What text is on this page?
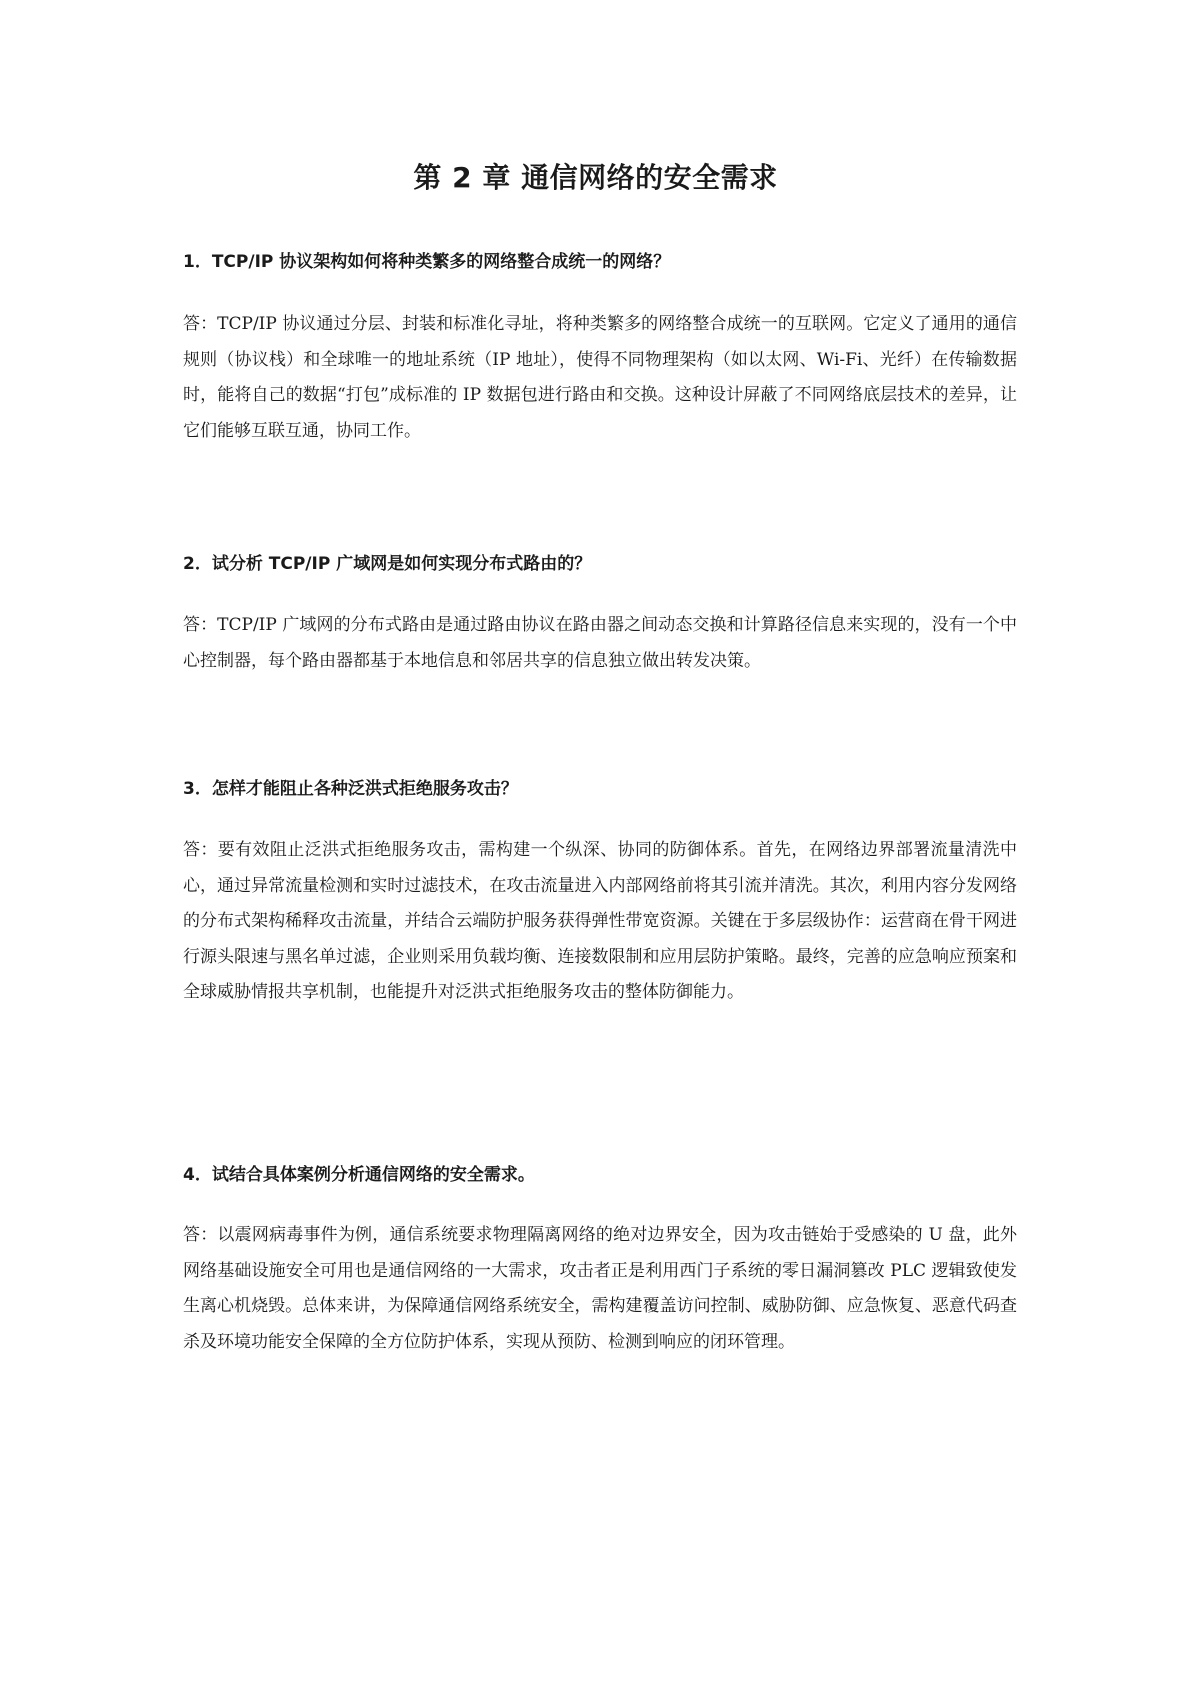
第 2 章 通信网络的安全需求

1．TCP/IP 协议架构如何将种类繁多的网络整合成统一的网络？

答：TCP/IP 协议通过分层、封装和标准化寻址，将种类繁多的网络整合成统一的互联网。它定义了通用的通信规则（协议栈）和全球唯一的地址系统（IP 地址），使得不同物理架构（如以太网、Wi-Fi、光纤）在传输数据时，能将自己的数据“打包”成标准的 IP 数据包进行路由和交换。这种设计屏蔽了不同网络底层技术的差异，让它们能够互联互通，协同工作。

2．试分析 TCP/IP 广域网是如何实现分布式路由的？

答：TCP/IP 广域网的分布式路由是通过路由协议在路由器之间动态交换和计算路径信息来实现的，没有一个中心控制器，每个路由器都基于本地信息和邻居共享的信息独立做出转发决策。

3．怎样才能阻止各种泛洪式拒绝服务攻击？

答：要有效阻止泛洪式拒绝服务攻击，需构建一个纵深、协同的防御体系。首先，在网络边界部署流量清洗中心，通过异常流量检测和实时过滤技术，在攻击流量进入内部网络前将其引流并清洗。其次，利用内容分发网络的分布式架构稀释攻击流量，并结合云端防护服务获得弹性带宽资源。关键在于多层级协作：运营商在骨干网进行源头限速与黑名单过滤，企业则采用负载均衡、连接数限制和应用层防护策略。最终，完善的应急响应预案和全球威胁情报共享机制，也能提升对泛洪式拒绝服务攻击的整体防御能力。

4．试结合具体案例分析通信网络的安全需求。

答：以震网病毒事件为例，通信系统要求物理隔离网络的绝对边界安全，因为攻击链始于受感染的 U 盘，此外网络基础设施安全可用也是通信网络的一大需求，攻击者正是利用西门子系统的零日漏洞篡改 PLC 逻辑致使发生离心机烧毁。总体来讲，为保障通信网络系统安全，需构建覆盖访问控制、威胁防御、应急恢复、恶意代码查杀及环境功能安全保障的全方位防护体系，实现从预防、检测到响应的闭环管理。
